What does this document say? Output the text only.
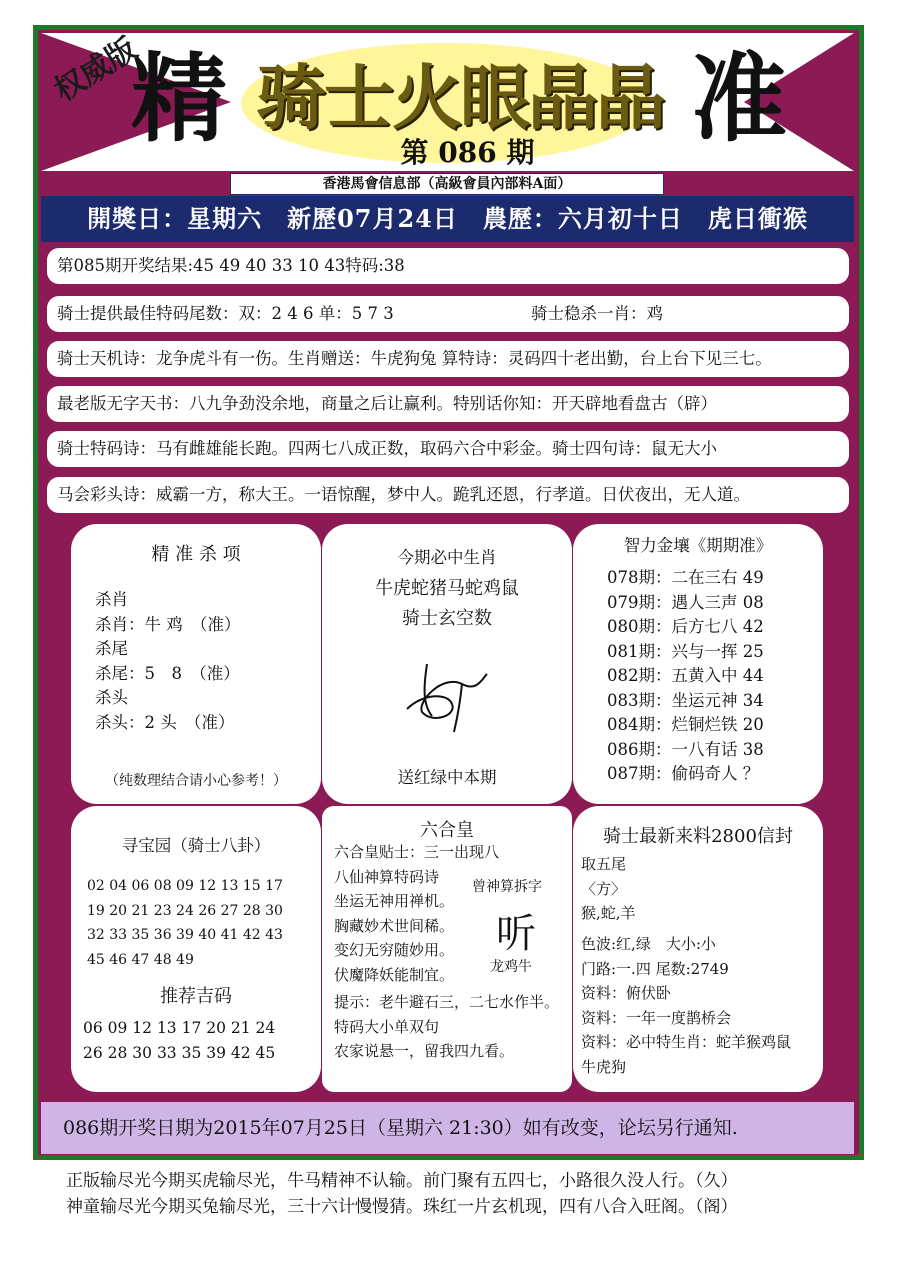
权威版
精 骑士火眼晶晶 准
第 086 期
香港馬會信息部（高級會員內部料A面）
開獎日：星期六　新歷07月24日　農歷：六月初十日　虎日衝猴
第085期开奖结果:45 49 40 33 10 43特码:38
骑士提供最佳特码尾数：双：2 4 6 单：5 7 3	骑士稳杀一肖：鸡
骑士天机诗：龙争虎斗有一伤。生肖赠送：牛虎狗兔 算特诗：灵码四十老出勤，台上台下见三七。
最老版无字天书：八九争劲没余地，商量之后让赢利。特别话你知：开天辟地看盘古（辟）
骑士特码诗：马有雌雄能长跑。四两七八成正数，取码六合中彩金。骑士四句诗：鼠无大小
马会彩头诗：威霸一方，称大王。一语惊醒，梦中人。跪乳还恩，行孝道。日伏夜出，无人道。
精 准 杀 项
杀肖
杀肖：牛 鸡　（准）
杀尾
杀尾：5　8　（准）
杀头
杀头：2 头　（准）
（纯数理结合请小心参考！）
今期必中生肖
牛虎蛇猪马蛇鸡鼠
骑士玄空数
送红绿中本期
智力金壤《期期准》
078期：二在三右 49
079期：遇人三声 08
080期：后方七八 42
081期：兴与一挥 25
082期：五黄入中 44
083期：坐运元神 34
084期：烂铜烂铁 20
086期：一八有话 38
087期：偷码奇人 ？
寻宝园（骑士八卦）
02 04 06 08 09 12 13 15 17
19 20 21 23 24 26 27 28 30
32 33 35 36 39 40 41 42 43
45 46 47 48 49
推荐吉码
06 09 12 13 17 20 21 24
26 28 30 33 35 39 42 45
六合皇
六合皇贴士：三一出现八
八仙神算特码诗
坐运无神用禅机。
胸藏妙术世间稀。
变幻无穷随妙用。
伏魔降妖能制宜。
曾神算拆字
听
龙鸡牛
提示：老牛避石三，二七水作半。
特码大小单双句
农家说悬一，留我四九看。
骑士最新来料2800信封
取五尾
〈方〉
猴,蛇,羊
色波:红,绿　大小:小
门路:一.四 尾数:2749
资料：俯伏卧
资料：一年一度鹊桥会
资料：必中特生肖：蛇羊猴鸡鼠
牛虎狗
086期开奖日期为2015年07月25日（星期六 21:30）如有改变，论坛另行通知.
正版输尽光今期买虎输尽光，牛马精神不认输。前门聚有五四七，小路很久没人行。（久）
神童输尽光今期买兔输尽光，三十六计慢慢猜。珠红一片玄机现，四有八合入旺阁。（阁）
